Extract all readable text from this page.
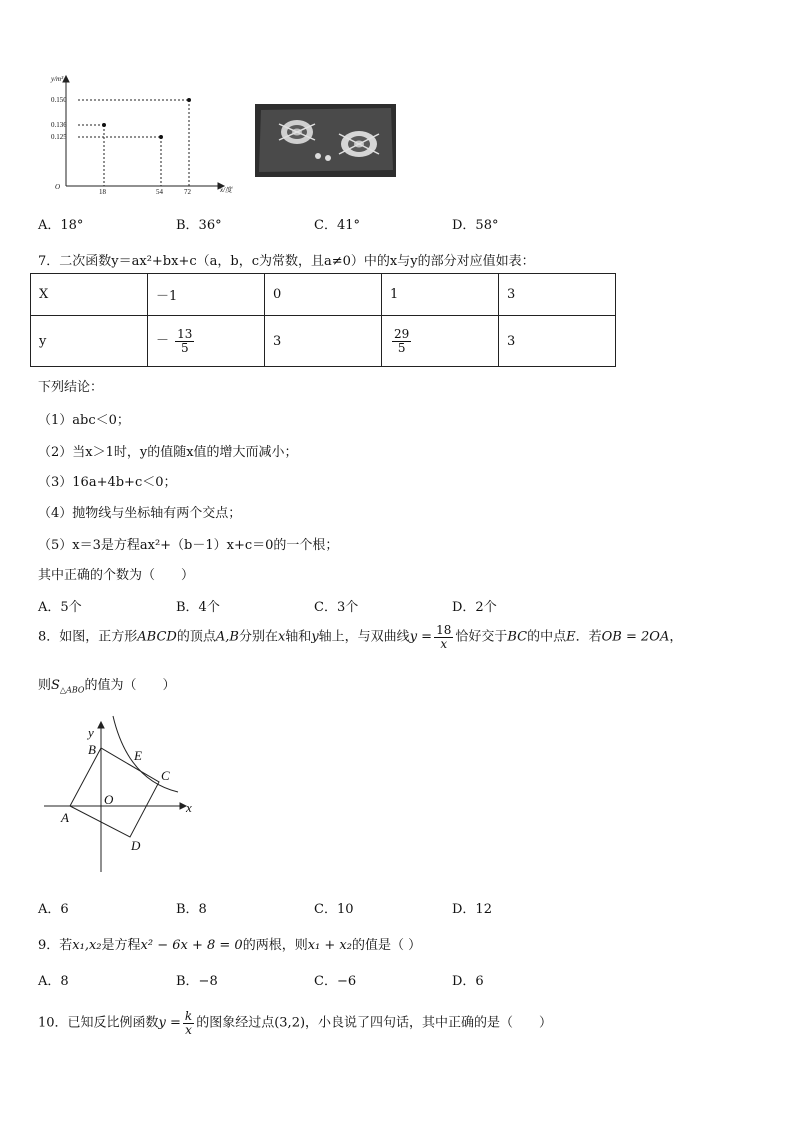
y/m³
0.150
0.136
0.125
O
18	54	72	x/度
A．18°	B．36°	C．41°	D．58°
7．二次函数y＝ax²+bx+c（a，b，c为常数，且a≠0）中的x与y的部分对应值如表：
X	－1	0	1	3
y	－ $\frac{13}{5}$	3	$\frac{29}{5}$	3
下列结论：
（1）abc＜0；
（2）当x＞1时，y的值随x值的增大而减小；
（3）16a+4b+c＜0；
（4）抛物线与坐标轴有两个交点；
（5）x＝3是方程ax²+（b－1）x+c＝0的一个根；
其中正确的个数为（　　）
A．5个	B．4个	C．3个	D．2个
8．如图，正方形ABCD的顶点A,B分别在x轴和y轴上，与双曲线$y = \frac{18}{x}$ 恰好交于BC的中点E．若OB = 2OA，
则$S_{\triangle ABO}$的值为（　　）
y
B	E
C
O
x
A
D
A．6	B．8	C．10	D．12
9．若x₁,x₂是方程x² − 6x + 8 = 0的两根，则x₁ + x₂的值是（ ）
A．8	B．−8	C．−6	D．6
10．已知反比例函数$y = \frac{k}{x}$ 的图象经过点(3,2)，小良说了四句话，其中正确的是（　　）
